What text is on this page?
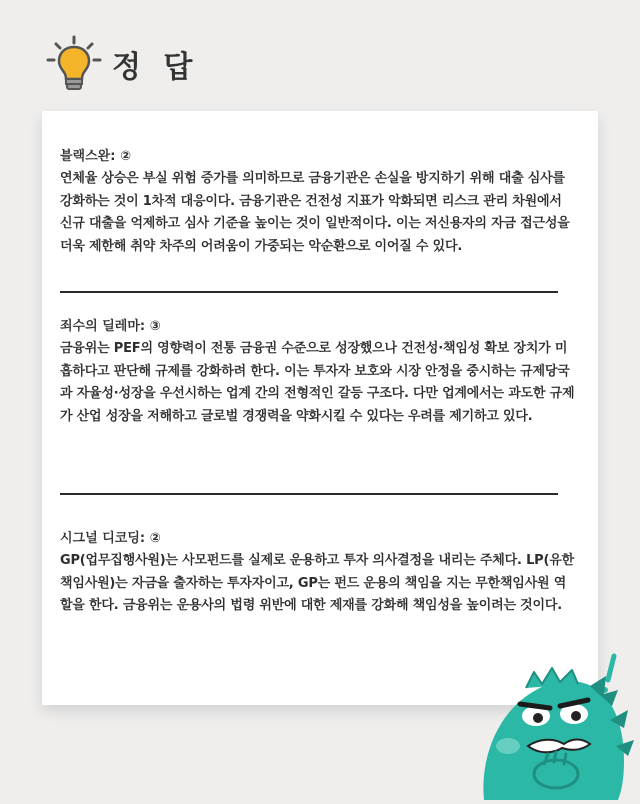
정 답
블랙스완: ②
연체율 상승은 부실 위험 증가를 의미하므로 금융기관은 손실을 방지하기 위해 대출 심사를 강화하는 것이 1차적 대응이다. 금융기관은 건전성 지표가 악화되면 리스크 관리 차원에서 신규 대출을 억제하고 심사 기준을 높이는 것이 일반적이다. 이는 저신용자의 자금 접근성을 더욱 제한해 취약 차주의 어려움이 가중되는 악순환으로 이어질 수 있다.
죄수의 딜레마: ③
금융위는 PEF의 영향력이 전통 금융권 수준으로 성장했으나 건전성·책임성 확보 장치가 미흡하다고 판단해 규제를 강화하려 한다. 이는 투자자 보호와 시장 안정을 중시하는 규제당국과 자율성·성장을 우선시하는 업계 간의 전형적인 갈등 구조다. 다만 업계에서는 과도한 규제가 산업 성장을 저해하고 글로벌 경쟁력을 약화시킬 수 있다는 우려를 제기하고 있다.
시그널 디코딩: ②
GP(업무집행사원)는 사모펀드를 실제로 운용하고 투자 의사결정을 내리는 주체다. LP(유한책임사원)는 자금을 출자하는 투자자이고, GP는 펀드 운용의 책임을 지는 무한책임사원 역할을 한다. 금융위는 운용사의 법령 위반에 대한 제재를 강화해 책임성을 높이려는 것이다.
